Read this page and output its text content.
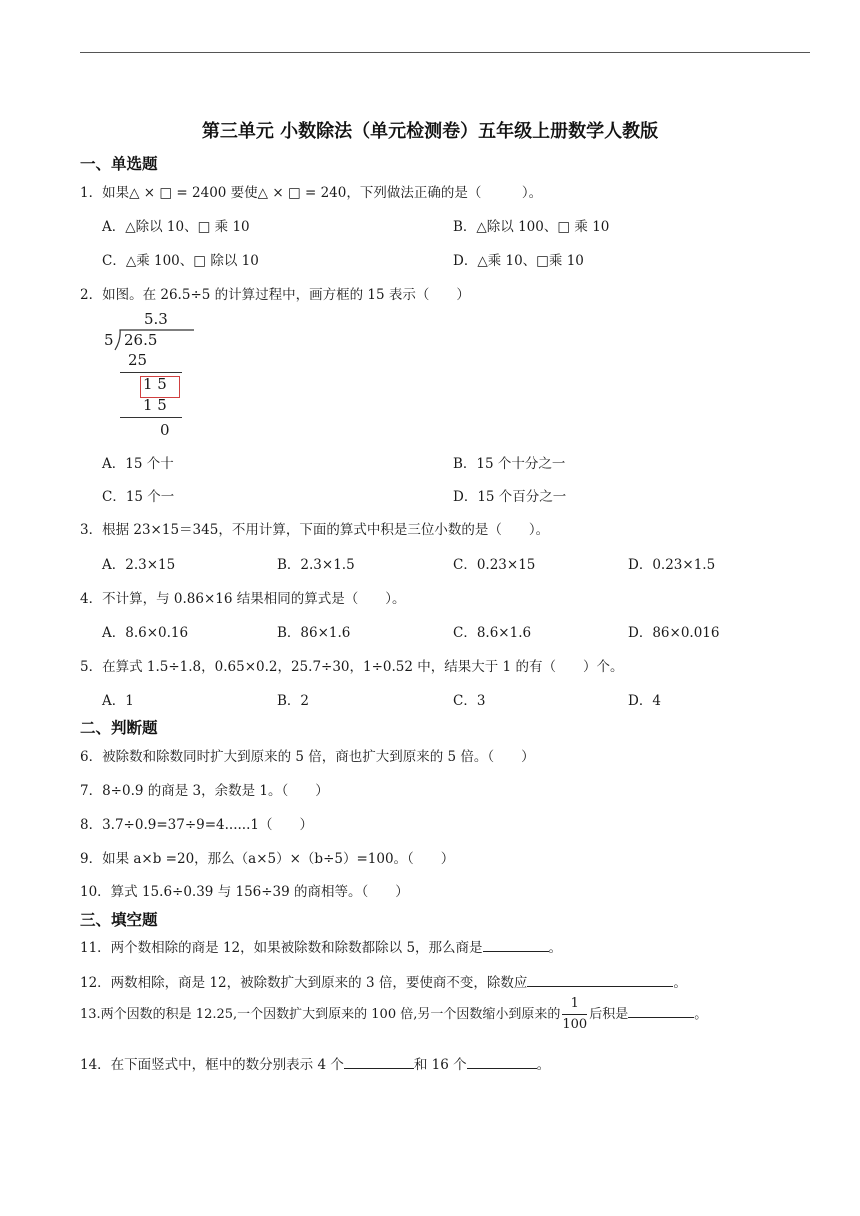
第三单元 小数除法（单元检测卷）五年级上册数学人教版
一、单选题
1．如果△ × □ = 2400 要使△ × □ = 240，下列做法正确的是（　　　）。
A．△除以 10、□ 乘 10	B．△除以 100、□ 乘 10
C．△乘 100、□ 除以 10	D．△乘 10、□乘 10
2．如图。在 26.5÷5 的计算过程中，画方框的 15 表示（　　）
5.3
5 26.5
25
1 5
1 5
0
A．15 个十	B．15 个十分之一
C．15 个一	D．15 个百分之一
3．根据 23×15＝345，不用计算，下面的算式中积是三位小数的是（　　）。
A．2.3×15	B．2.3×1.5	C．0.23×15	D．0.23×1.5
4．不计算，与 0.86×16 结果相同的算式是（　　）。
A．8.6×0.16	B．86×1.6	C．8.6×1.6	D．86×0.016
5．在算式 1.5÷1.8，0.65×0.2，25.7÷30，1÷0.52 中，结果大于 1 的有（　　）个。
A．1	B．2	C．3	D．4
二、判断题
6．被除数和除数同时扩大到原来的 5 倍，商也扩大到原来的 5 倍。（　　）
7．8÷0.9 的商是 3，余数是 1。（　　）
8．3.7÷0.9=37÷9=4......1（　　）
9．如果 a×b =20，那么（a×5）×（b÷5）=100。（　　）
10．算式 15.6÷0.39 与 156÷39 的商相等。（　　）
三、填空题
11．两个数相除的商是 12，如果被除数和除数都除以 5，那么商是	。
12．两数相除，商是 12，被除数扩大到原来的 3 倍，要使商不变，除数应	。
13.两个因数的积是 12.25,一个因数扩大到原来的 100 倍,另一个因数缩小到原来的 $\frac{1}{100}$ 后积是	。
14．在下面竖式中，框中的数分别表示 4 个	和 16 个	。
